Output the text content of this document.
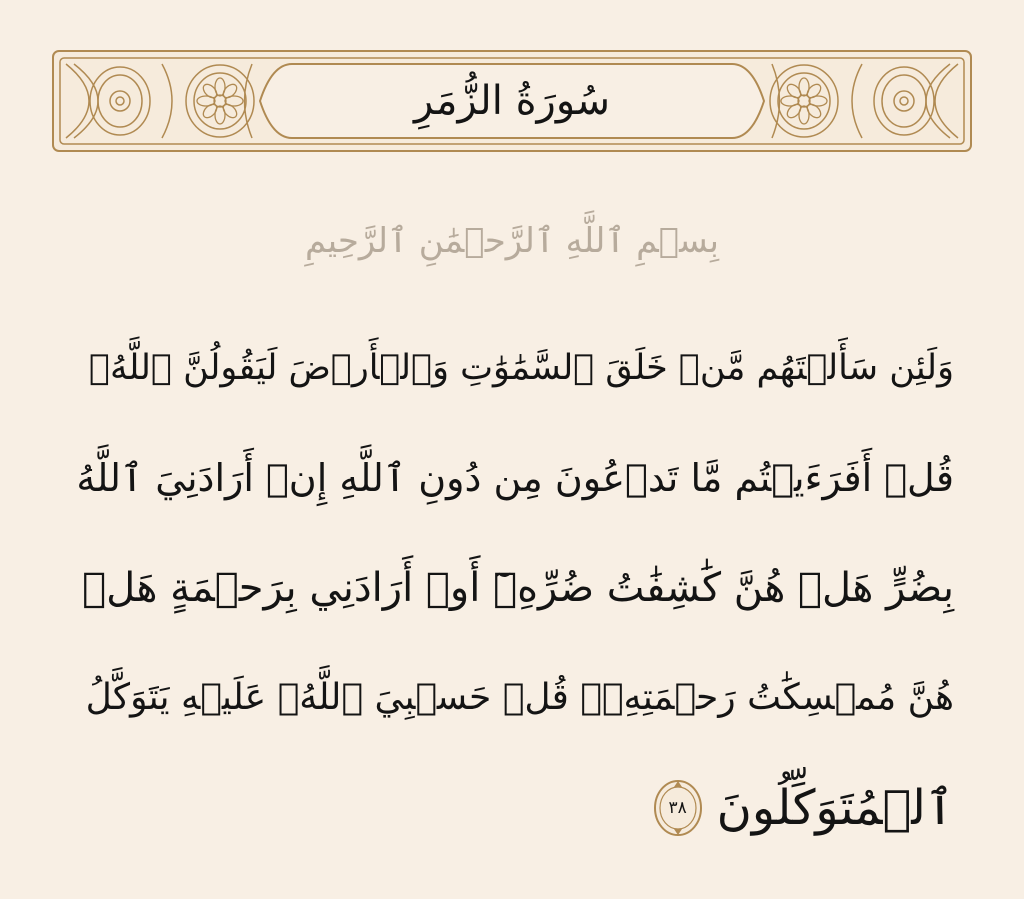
سُورَةُ الزُّمَرِ
بِسۡمِ ٱللَّهِ ٱلرَّحۡمَٰنِ ٱلرَّحِيمِ
وَلَئِن سَأَلۡتَهُم مَّنۡ خَلَقَ ٱلسَّمَٰوَٰتِ وَٱلۡأَرۡضَ لَيَقُولُنَّ ٱللَّهُۚ
قُلۡ أَفَرَءَيۡتُم مَّا تَدۡعُونَ مِن دُونِ ٱللَّهِ إِنۡ أَرَادَنِيَ ٱللَّهُ
بِضُرٍّ هَلۡ هُنَّ كَٰشِفَٰتُ ضُرِّهِۦٓ أَوۡ أَرَادَنِي بِرَحۡمَةٍ هَلۡ
هُنَّ مُمۡسِكَٰتُ رَحۡمَتِهِۦۚ قُلۡ حَسۡبِيَ ٱللَّهُۖ عَلَيۡهِ يَتَوَكَّلُ
ٱلۡمُتَوَكِّلُونَ
٣٨
